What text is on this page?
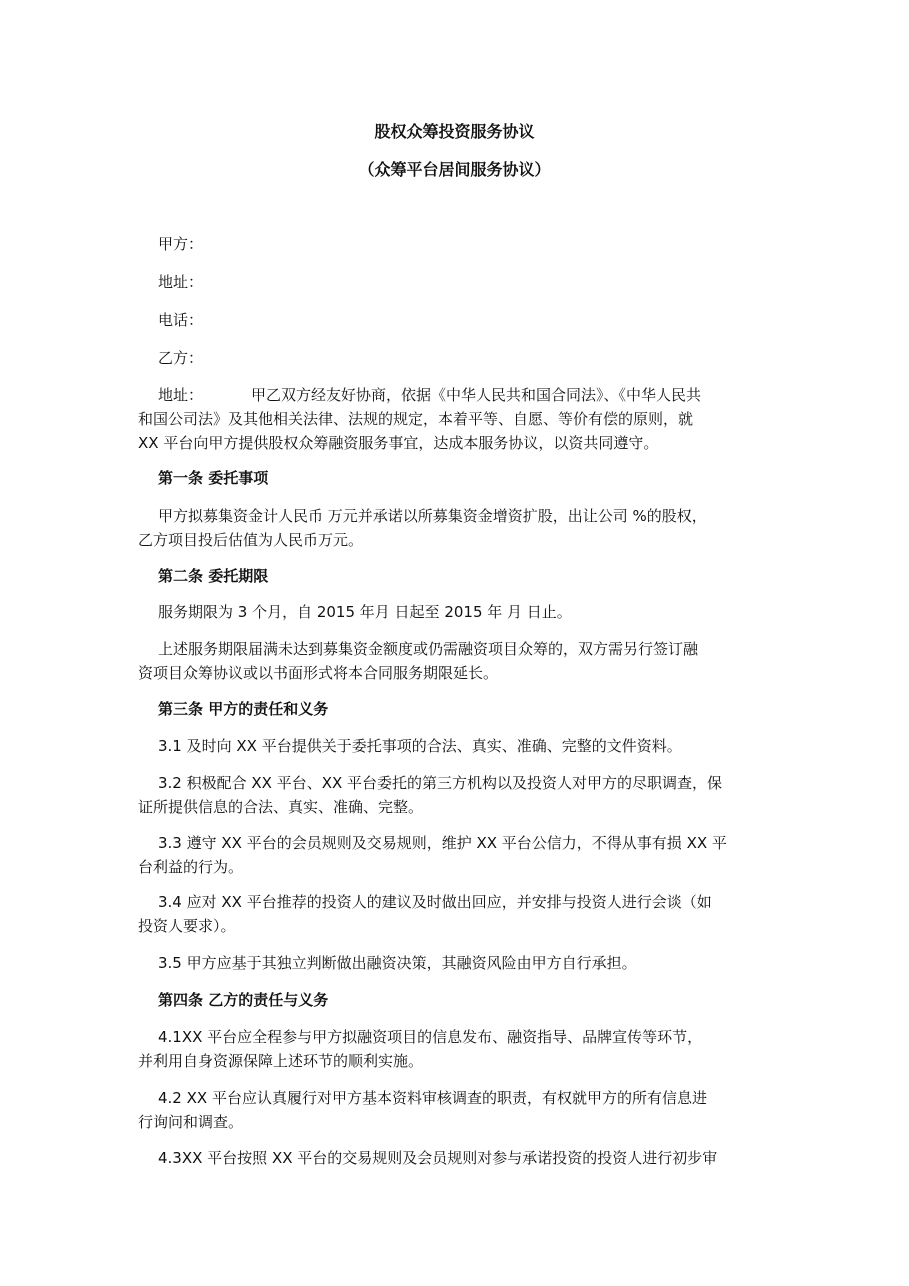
股权众筹投资服务协议
（众筹平台居间服务协议）
甲方：
地址：
电话：
乙方：
地址：	甲乙双方经友好协商，依据《中华人民共和国合同法》、《中华人民共
和国公司法》及其他相关法律、法规的规定，本着平等、自愿、等价有偿的原则，就
XX 平台向甲方提供股权众筹融资服务事宜，达成本服务协议，以资共同遵守。
第一条 委托事项
甲方拟募集资金计人民币 万元并承诺以所募集资金增资扩股，出让公司 %的股权，
乙方项目投后估值为人民币万元。
第二条 委托期限
服务期限为 3 个月，自 2015 年月 日起至 2015 年 月 日止。
上述服务期限届满未达到募集资金额度或仍需融资项目众筹的，双方需另行签订融
资项目众筹协议或以书面形式将本合同服务期限延长。
第三条 甲方的责任和义务
3.1 及时向 XX 平台提供关于委托事项的合法、真实、准确、完整的文件资料。
3.2 积极配合 XX 平台、XX 平台委托的第三方机构以及投资人对甲方的尽职调查，保
证所提供信息的合法、真实、准确、完整。
3.3 遵守 XX 平台的会员规则及交易规则，维护 XX 平台公信力，不得从事有损 XX 平
台利益的行为。
3.4 应对 XX 平台推荐的投资人的建议及时做出回应，并安排与投资人进行会谈（如
投资人要求）。
3.5 甲方应基于其独立判断做出融资决策，其融资风险由甲方自行承担。
第四条 乙方的责任与义务
4.1XX 平台应全程参与甲方拟融资项目的信息发布、融资指导、品牌宣传等环节，
并利用自身资源保障上述环节的顺利实施。
4.2 XX 平台应认真履行对甲方基本资料审核调查的职责，有权就甲方的所有信息进
行询问和调查。
4.3XX 平台按照 XX 平台的交易规则及会员规则对参与承诺投资的投资人进行初步审
